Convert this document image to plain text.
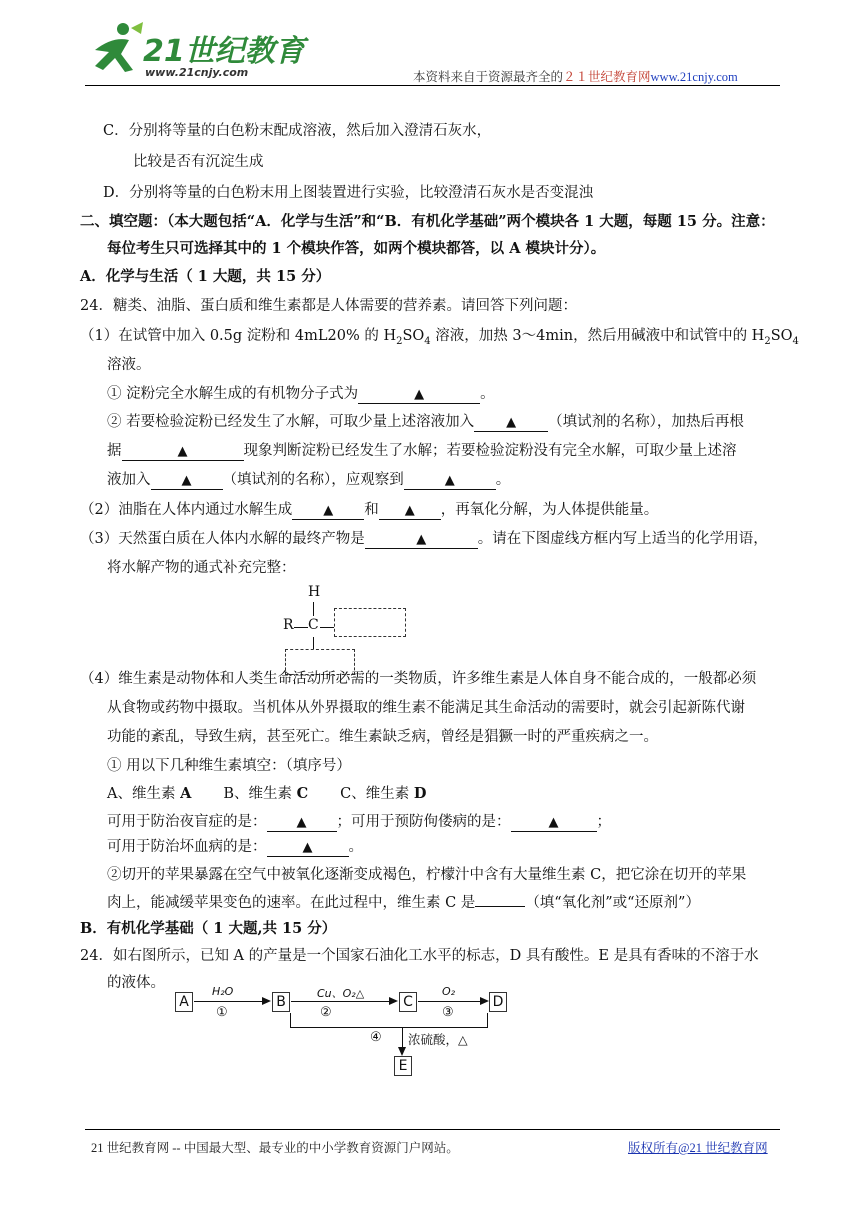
21世纪教育
www.21cnjy.com	本资料来自于资源最齐全的２１世纪教育网www.21cnjy.com
C．分别将等量的白色粉末配成溶液，然后加入澄清石灰水，
比较是否有沉淀生成
D．分别将等量的白色粉末用上图装置进行实验，比较澄清石灰水是否变混浊
二、填空题：（本大题包括“A．化学与生活”和“B．有机化学基础”两个模块各 1 大题，每题 15 分。注意：
每位考生只可选择其中的 1 个模块作答，如两个模块都答，以 A 模块计分）。
A．化学与生活（ 1 大题，共 15 分）
24．糖类、油脂、蛋白质和维生素都是人体需要的营养素。请回答下列问题：
（1）在试管中加入 0.5g 淀粉和 4mL20% 的 $H_2SO_4$ 溶液，加热 3～4min，然后用碱液中和试管中的 $H_2SO_4$
溶液。
① 淀粉完全水解生成的有机物分子式为	▲	。
② 若要检验淀粉已经发生了水解，可取少量上述溶液加入 ▲ （填试剂的名称），加热后再根
据	▲	现象判断淀粉已经发生了水解；若要检验淀粉没有完全水解，可取少量上述溶
液加入 ▲ （填试剂的名称），应观察到	▲	。
（2）油脂在人体内通过水解生成 ▲ 和 ▲ ，再氧化分解，为人体提供能量。
（3）天然蛋白质在人体内水解的最终产物是	▲	。请在下图虚线方框内写上适当的化学用语，
将水解产物的通式补充完整：
H
R C
（4）维生素是动物体和人类生命活动所必需的一类物质，许多维生素是人体自身不能合成的，一般都必须
从食物或药物中摄取。当机体从外界摄取的维生素不能满足其生命活动的需要时，就会引起新陈代谢
功能的紊乱，导致生病，甚至死亡。维生素缺乏病，曾经是猖獗一时的严重疾病之一。
① 用以下几种维生素填空：（填序号）
A、维生素 A B、维生素 C C、维生素 D
可用于防治夜盲症的是： ▲ ；可用于预防佝偻病的是：	▲	；
可用于防治坏血病的是：	▲ 。
②切开的苹果暴露在空气中被氧化逐渐变成褐色，柠檬汁中含有大量维生素 C，把它涂在切开的苹果
肉上，能减缓苹果变色的速率。在此过程中，维生素 C 是	（填“氧化剂”或“还原剂”）
B．有机化学基础（ 1 大题,共 15 分）
24．如右图所示，已知 A 的产量是一个国家石油化工水平的标志，D 具有酸性。E 是具有香味的不溶于水
的液体。
A	B	C	D
E
H₂O	Cu、O₂△	O₂
①	②	③
④ 浓硫酸，△
21 世纪教育网 -- 中国最大型、最专业的中小学教育资源门户网站。	版权所有@21 世纪教育网
